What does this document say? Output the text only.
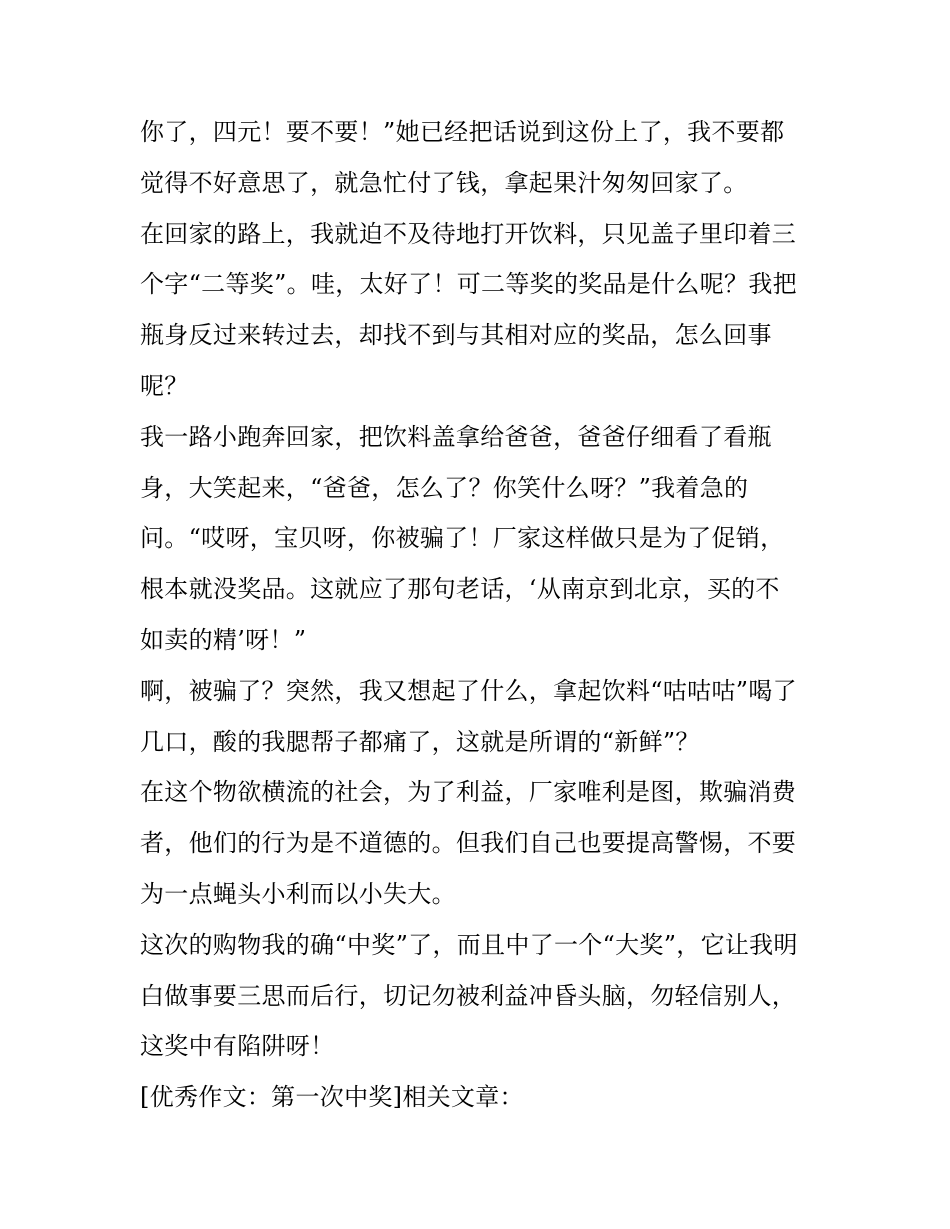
你了，四元！要不要！”她已经把话说到这份上了，我不要都
觉得不好意思了，就急忙付了钱，拿起果汁匆匆回家了。
在回家的路上，我就迫不及待地打开饮料，只见盖子里印着三
个字“二等奖”。哇，太好了！可二等奖的奖品是什么呢？我把
瓶身反过来转过去，却找不到与其相对应的奖品，怎么回事
呢？
我一路小跑奔回家，把饮料盖拿给爸爸，爸爸仔细看了看瓶
身，大笑起来，“爸爸，怎么了？你笑什么呀？”我着急的
问。“哎呀，宝贝呀，你被骗了！厂家这样做只是为了促销，
根本就没奖品。这就应了那句老话，‘从南京到北京，买的不
如卖的精’呀！”
啊，被骗了？突然，我又想起了什么，拿起饮料“咕咕咕”喝了
几口，酸的我腮帮子都痛了，这就是所谓的“新鲜”？
在这个物欲横流的社会，为了利益，厂家唯利是图，欺骗消费
者，他们的行为是不道德的。但我们自己也要提高警惕，不要
为一点蝇头小利而以小失大。
这次的购物我的确“中奖”了，而且中了一个“大奖”，它让我明
白做事要三思而后行，切记勿被利益冲昏头脑，勿轻信别人，
这奖中有陷阱呀！
[优秀作文：第一次中奖]相关文章：
